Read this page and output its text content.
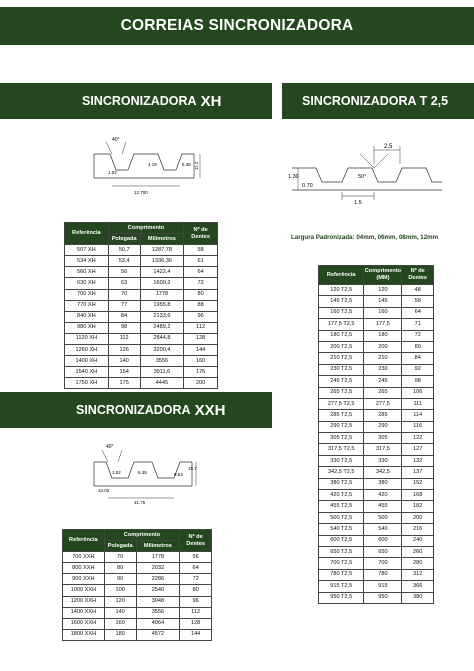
CORREIAS SINCRONIZADORA
SINCRONIZADORA XH	SINCRONIZADORA T 2,5
SINCRONIZADORA XXH
40°
12.700
11.2
6.35
4.19
1.02
2.5
1.30
0.70
50°
1.5
40°
31.75
15.7
9.53
6.35
1.52
10.02
Referência	Comprimento		Nº de Dentes
	Polegada	Milímetros	
507 XH	50,7	1287,78	58
534 XH	53,4	1336,36	61
560 XH	56	1422,4	64
630 XH	63	1600,2	72
700 XH	70	1778	80
770 XH	77	1955,8	88
840 XH	84	2133,6	96
980 XH	98	2489,2	112
1120 XH	112	2844,8	128
1260 XH	126	3200,4	144
1400 XH	140	3556	160
1540 XH	154	3911,6	176
1750 XH	175	4445	200
Largura Padronizada: 04mm, 06mm, 08mm, 12mm
Referência	Comprimento (MM)	Nº de Dentes
120 T2,5	120	48
145 T2,5	145	58
160 T2,5	160	64
177,5 T2,5	177,5	71
180 T2,5	180	72
200 T2,5	200	80
210 T2,5	210	84
230 T2,5	230	92
245 T2,5	245	98
265 T2,5	265	106
277,5 T2,5	277,5	111
285 T2,5	285	114
290 T2,5	290	116
305 T2,5	305	122
317,5 T2,5	317,5	127
330 T2,5	330	132
342,5 T2,5	342,5	137
380 T2,5	380	152
420 T2,5	420	168
455 T2,5	455	182
500 T2,5	500	200
540 T2,5	540	216
600 T2,5	600	240
650 T2,5	650	260
700 T2,5	700	280
780 T2,5	780	312
915 T2,5	915	366
950 T2,5	950	380
Referência	Comprimento		Nº de Dentes
	Polegada	Milímetros	
700 XXH	70	1778	56
800 XXH	80	2032	64
900 XXH	90	2286	72
1000 XXH	100	2540	80
1200 XXH	120	3048	96
1400 XXH	140	3556	112
1600 XXH	160	4064	128
1800 XXH	180	4572	144
